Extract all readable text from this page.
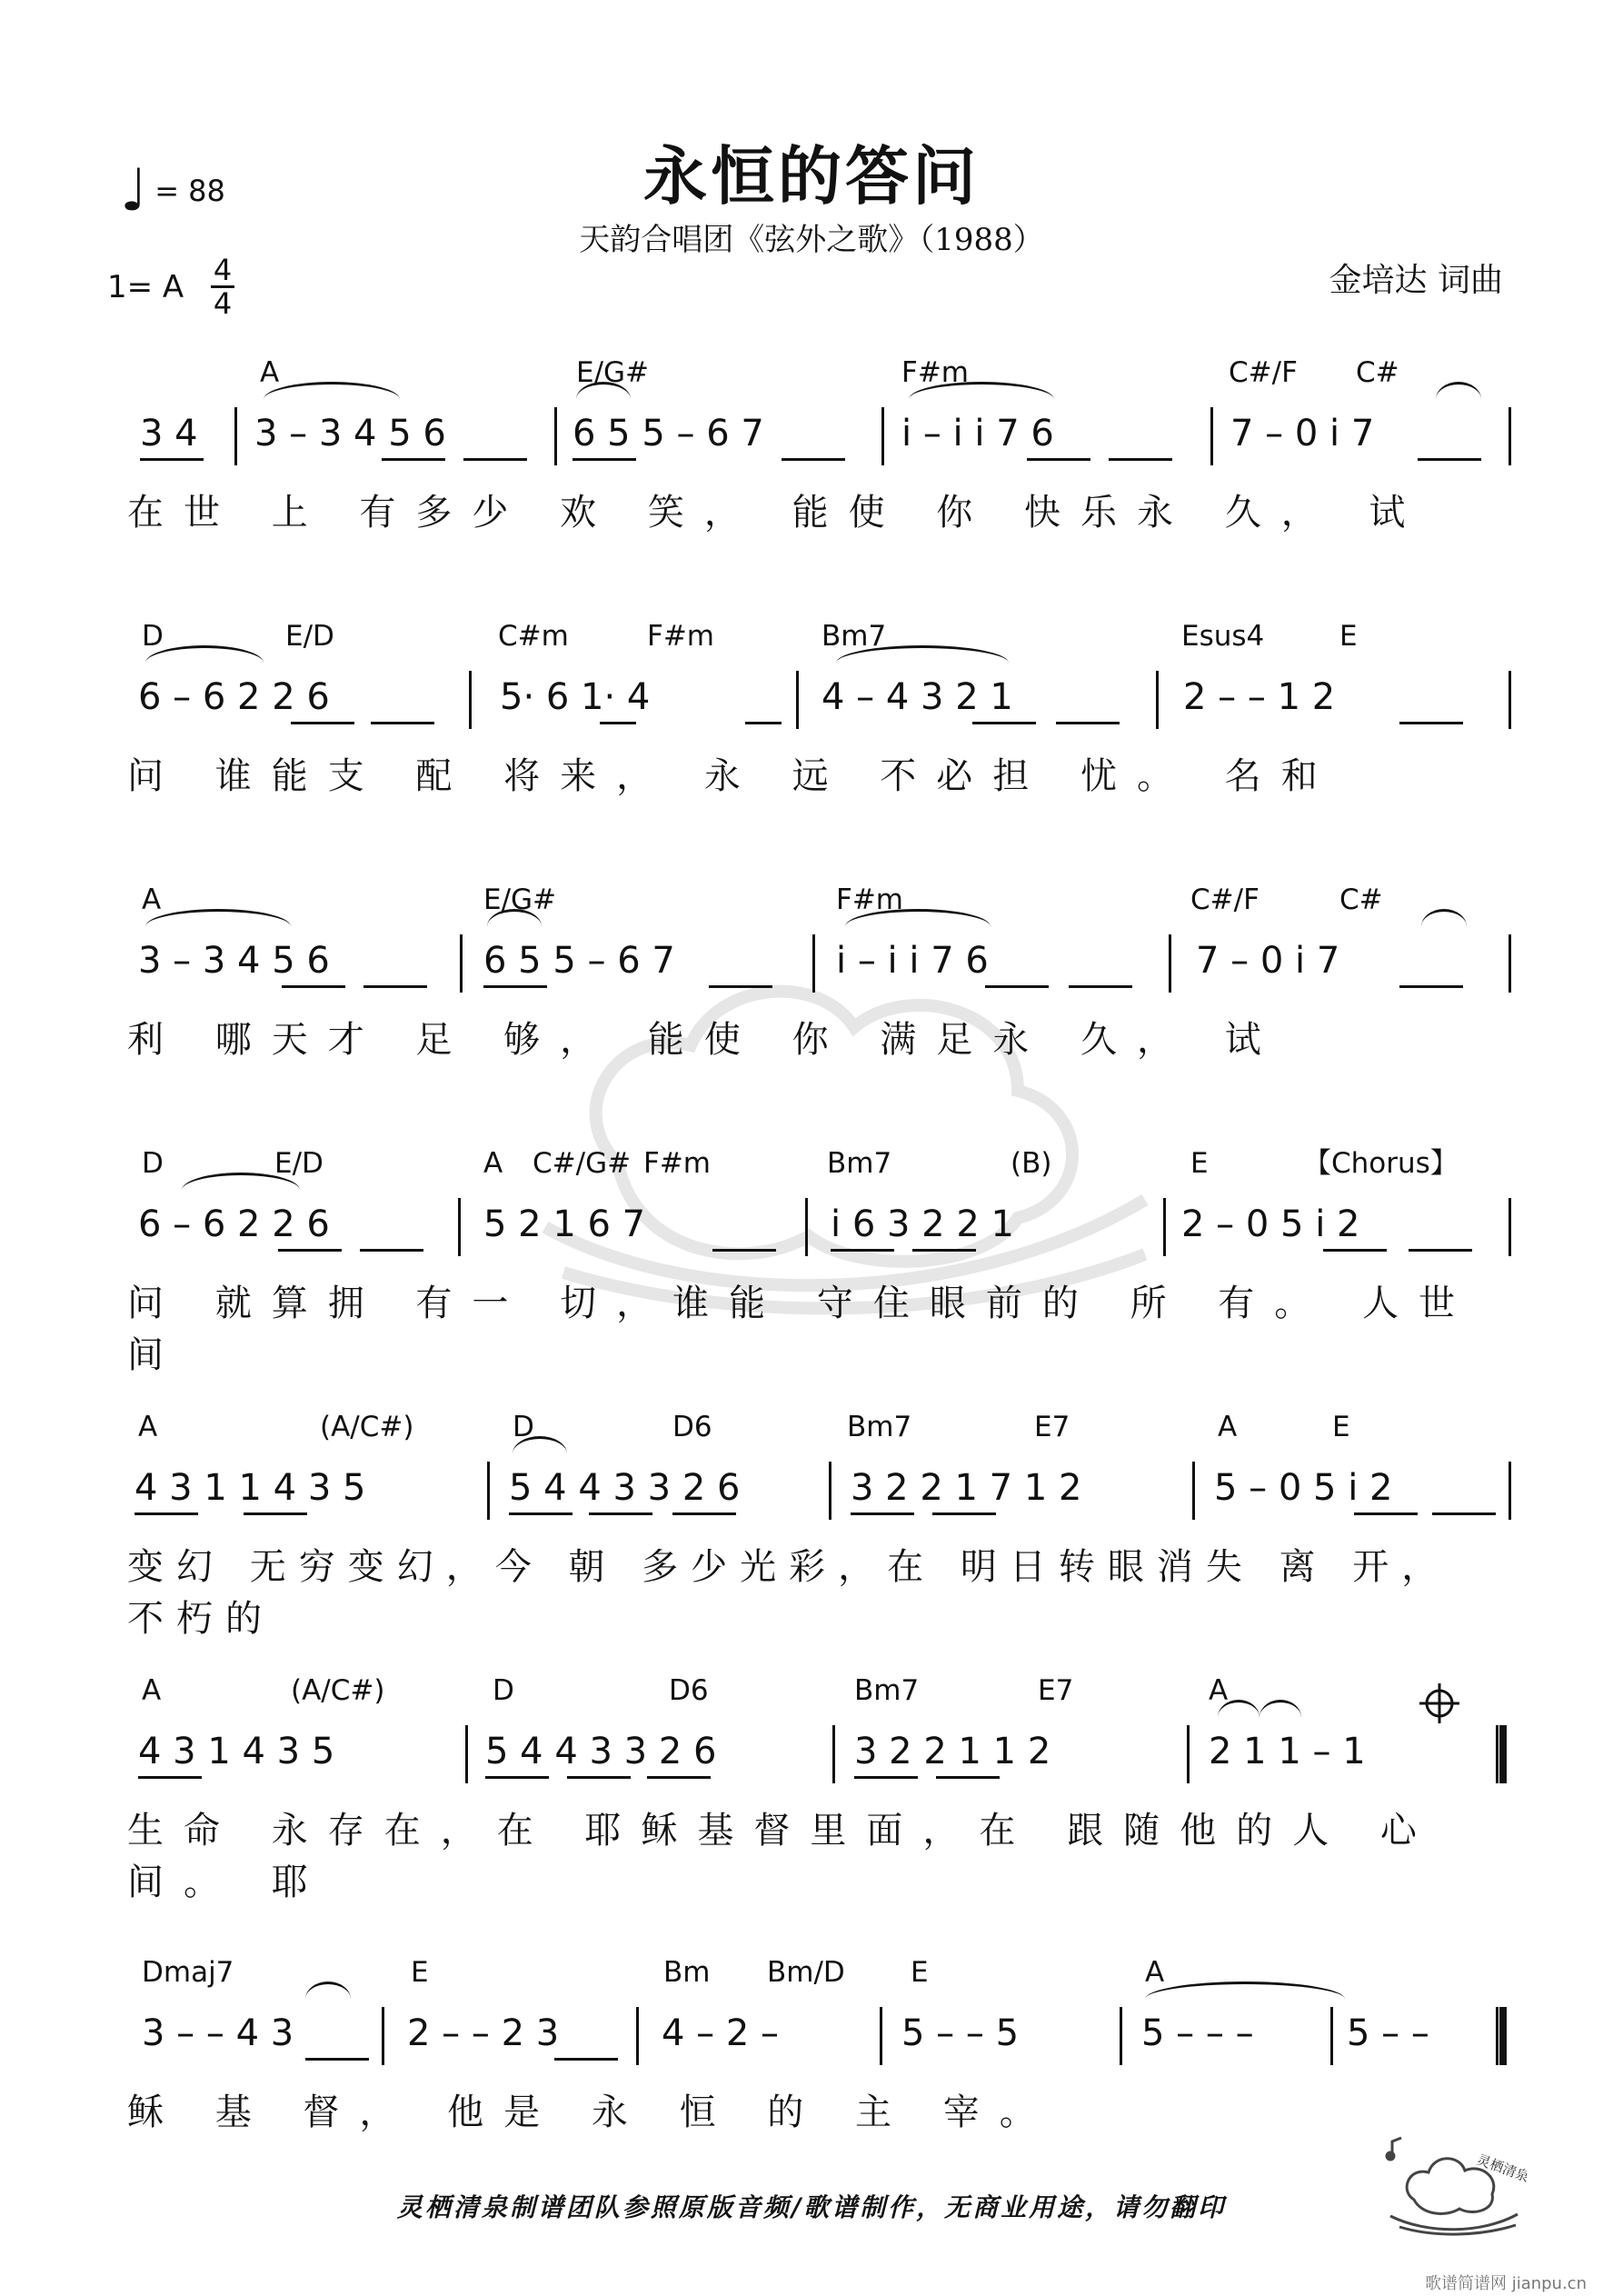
♩ = 88	永恒的答问
天韵合唱团《弦外之歌》（1988）
金培达 词曲
1= A 4
4
A	E/G#	F#m	C#/F C#
3 4 3 – 3 4 5 6	6 5 5 – 6 7	i – i i 7 6	7 – 0 i 7
在世 上 有多少 欢 笑， 能使 你 快乐永 久， 试
D	E/D	C#m	F#m	Bm7	Esus4	E
6 – 6 2 2 6	5· 6 1· 4	4 – 4 3 2 1	2 – – 1 2
问 谁能支 配 将来， 永 远 不必担 忧。 名和
A	E/G#	F#m	C#/F	C#
3 – 3 4 5 6	6 5 5 – 6 7	i – i i 7 6	7 – 0 i 7
利 哪天才 足 够， 能使 你 满足永 久， 试
D	E/D	A C#/G# F#m	Bm7	(B)	E	【Chorus】
6 – 6 2 2 6	5 2 1 6 7	i 6 3 2 2 1	2 – 0 5 i 2
问 就算拥 有一 切，谁能 守住眼前的 所 有。 人世间
A	(A/C#)	D	D6	Bm7	E7	A	E
4 3 1 1 4 3 5	5 4 4 3 3 2 6	3 2 2 1 7 1 2	5 – 0 5 i 2
变幻 无穷变幻，今 朝 多少光彩，在 明日转眼消失 离 开， 不朽的
A	(A/C#)	D	D6	Bm7	E7	A
4 3 1 4 3 5	5 4 4 3 3 2 6	3 2 2 1 1 2	2 1 1 – 1
生命 永存在，在 耶稣基督里面，在 跟随他的人 心 间。 耶
Dmaj7	E	Bm Bm/D E	A
3 – – 4 3	2 – – 2 3	4 – 2 –	5 – – 5	5 – – –	5 – –
稣 基 督， 他是 永 恒 的 主 宰。
灵栖清泉制谱团队参照原版音频/歌谱制作，无商业用途，请勿翻印
灵栖清泉
歌谱简谱网 jianpu.cn
